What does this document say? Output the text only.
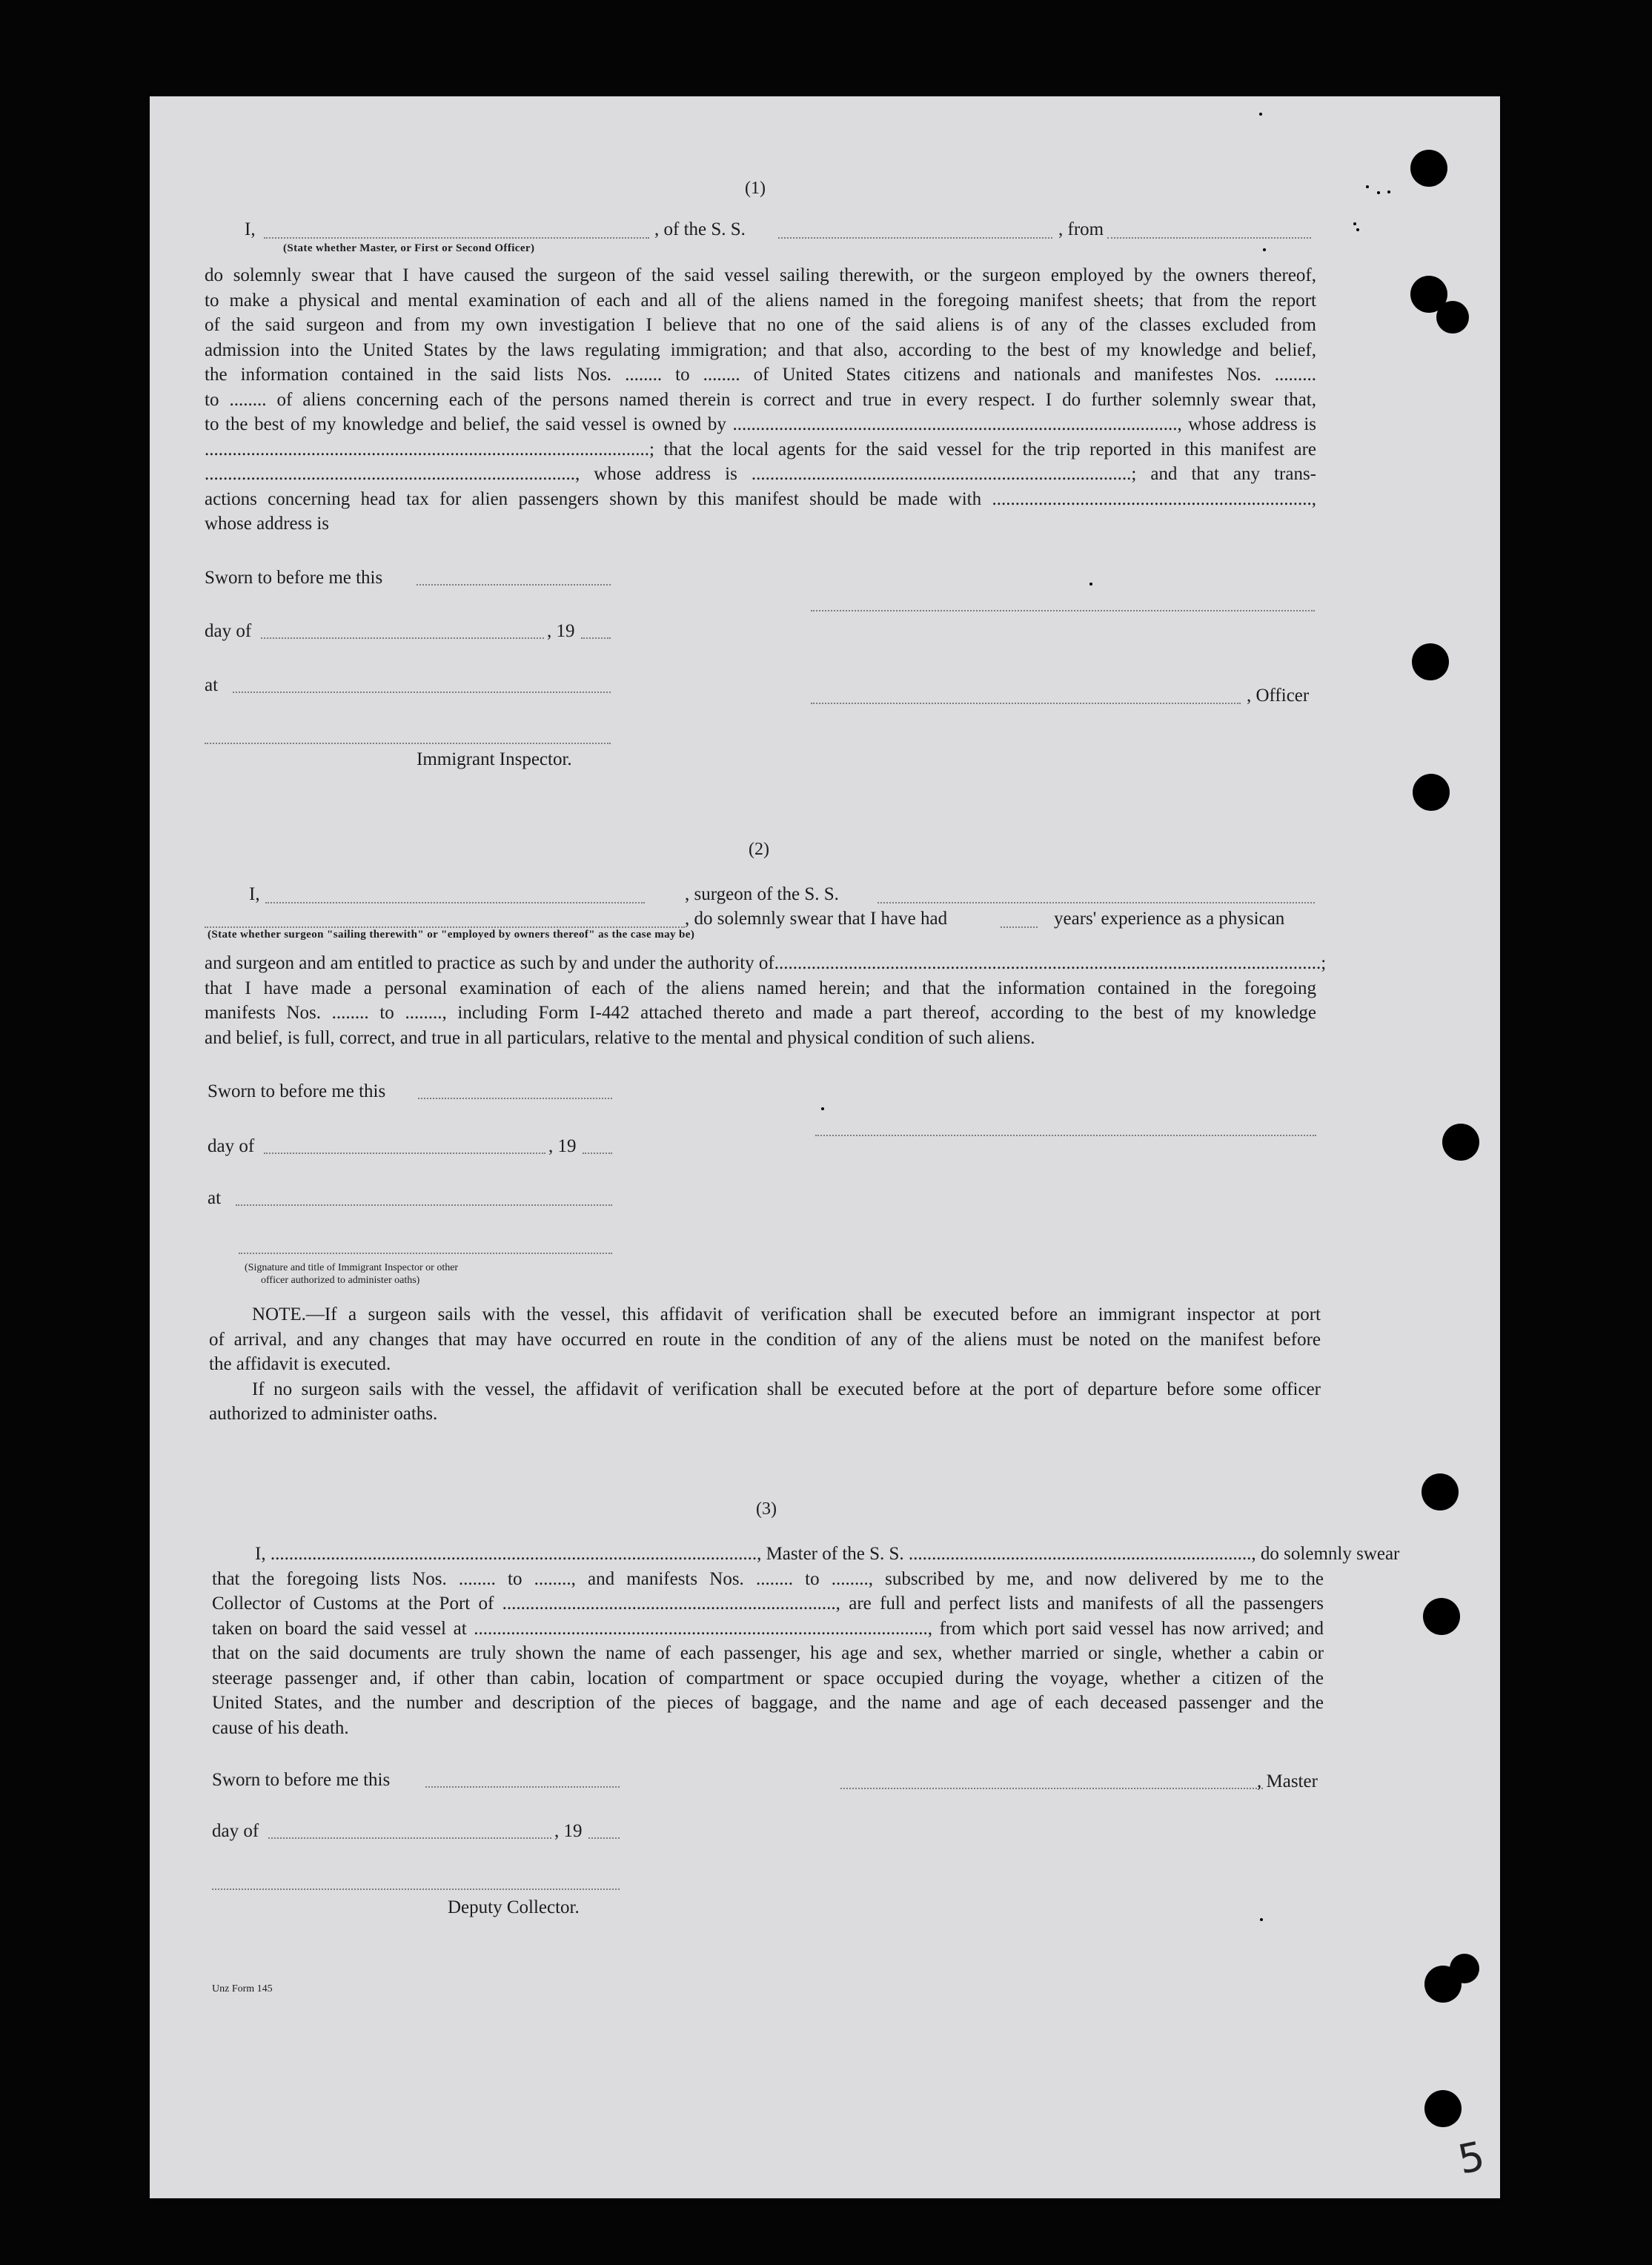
(1)
I,
(State whether Master, or First or Second Officer)
, of the S. S.	, from
do solemnly swear that I have caused the surgeon of the said vessel sailing therewith, or the surgeon employed by the owners thereof,
to make a physical and mental examination of each and all of the aliens named in the foregoing manifest sheets; that from the report
of the said surgeon and from my own investigation I believe that no one of the said aliens is of any of the classes excluded from
admission into the United States by the laws regulating immigration; and that also, according to the best of my knowledge and belief,
the information contained in the said lists Nos. ........ to ........ of United States citizens and nationals and manifestes Nos. .........
to ........ of aliens concerning each of the persons named therein is correct and true in every respect. I do further solemnly swear that,
to the best of my knowledge and belief, the said vessel is owned by ................................................................................................, whose address is
................................................................................................; that the local agents for the said vessel for the trip reported in this manifest are
................................................................................, whose address is ..................................................................................; and that any trans-
actions concerning head tax for alien passengers shown by this manifest should be made with .....................................................................,
whose address is
Sworn to before me this
day of	, 19
at
, Officer
Immigrant Inspector.
(2)
I,	, surgeon of the S. S.
, do solemnly swear that I have had	years' experience as a physican
(State whether surgeon "sailing therewith" or "employed by owners thereof" as the case may be)
and surgeon and am entitled to practice as such by and under the authority of......................................................................................................................;
that I have made a personal examination of each of the aliens named herein; and that the information contained in the foregoing
manifests Nos. ........ to ........, including Form I-442 attached thereto and made a part thereof, according to the best of my knowledge
and belief, is full, correct, and true in all particulars, relative to the mental and physical condition of such aliens.
Sworn to before me this
day of	, 19
at
(Signature and title of Immigrant Inspector or other
officer authorized to administer oaths)
NOTE.—If a surgeon sails with the vessel, this affidavit of verification shall be executed before an immigrant inspector at port
of arrival, and any changes that may have occurred en route in the condition of any of the aliens must be noted on the manifest before
the affidavit is executed.
If no surgeon sails with the vessel, the affidavit of verification shall be executed before at the port of departure before some officer
authorized to administer oaths.
(3)
I, ........................................................................................................., Master of the S. S. .........................................................................., do solemnly swear
that the foregoing lists Nos. ........ to ........, and manifests Nos. ........ to ........, subscribed by me, and now delivered by me to the
Collector of Customs at the Port of ........................................................................, are full and perfect lists and manifests of all the passengers
taken on board the said vessel at .................................................................................................., from which port said vessel has now arrived; and
that on the said documents are truly shown the name of each passenger, his age and sex, whether married or single, whether a cabin or
steerage passenger and, if other than cabin, location of compartment or space occupied during the voyage, whether a citizen of the
United States, and the number and description of the pieces of baggage, and the name and age of each deceased passenger and the
cause of his death.
Sworn to before me this	, Master
day of	, 19
Deputy Collector.
Unz Form 145
5
